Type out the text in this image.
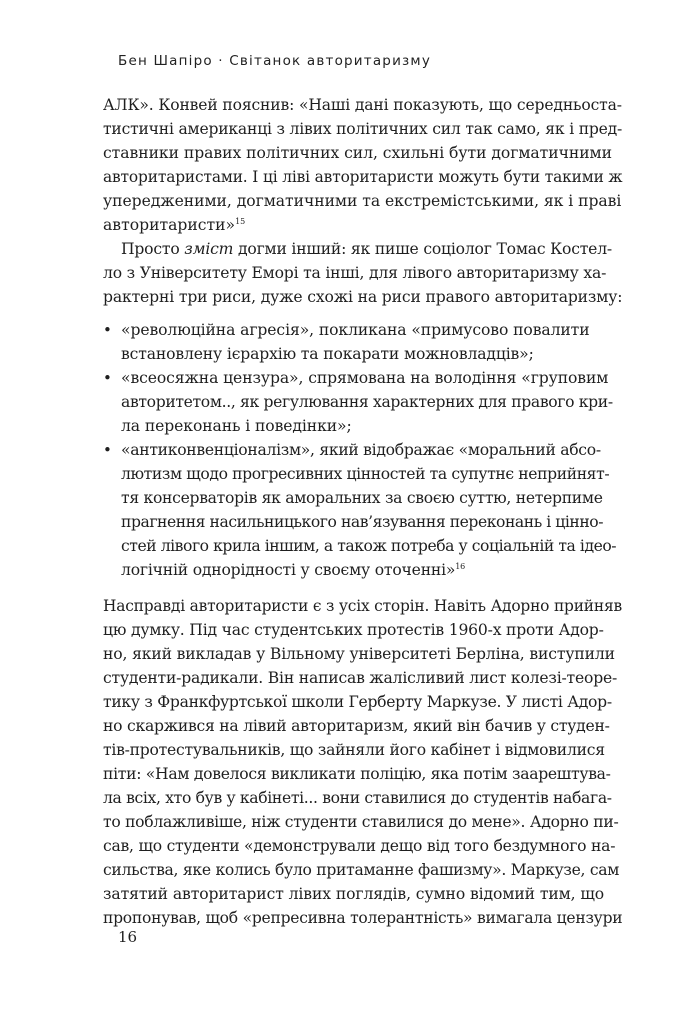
Бен Шапіро · Світанок авторитаризму
АЛК». Конвей пояснив: «Наші дані показують, що середньоста-
тистичні американці з лівих політичних сил так само, як і пред-
ставники правих політичних сил, схильні бути догматичними
авторитаристами. І ці ліві авторитаристи можуть бути такими ж
упередженими, догматичними та екстремістськими, як і праві
авторитаристи»$^{15}$
Просто зміст догми інший: як пише соціолог Томас Костел-
ло з Університету Еморі та інші, для лівого авторитаризму ха-
рактерні три риси, дуже схожі на риси правого авторитаризму:
• «революційна агресія», покликана «примусово повалити
встановлену ієрархію та покарати можновладців»;
• «всеосяжна цензура», спрямована на володіння «груповим
авторитетом.., як регулювання характерних для правого кри-
ла переконань і поведінки»;
• «антиконвенціоналізм», який відображає «моральний абсо-
лютизм щодо прогресивних цінностей та супутнє неприйнят-
тя консерваторів як аморальних за своєю суттю, нетерпиме
прагнення насильницького нав’язування переконань і цінно-
стей лівого крила іншим, а також потреба у соціальній та ідео-
логічній однорідності у своєму оточенні»$^{16}$
Насправді авторитаристи є з усіх сторін. Навіть Адорно прийняв
цю думку. Під час студентських протестів 1960-х проти Адор-
но, який викладав у Вільному університеті Берліна, виступили
студенти-радикали. Він написав жалісливий лист колезі-теоре-
тику з Франкфуртської школи Герберту Маркузе. У листі Адор-
но скаржився на лівий авторитаризм, який він бачив у студен-
тів-протестувальників, що зайняли його кабінет і відмовилися
піти: «Нам довелося викликати поліцію, яка потім заарештува-
ла всіх, хто був у кабінеті... вони ставилися до студентів набага-
то поблажливіше, ніж студенти ставилися до мене». Адорно пи-
сав, що студенти «демонстрували дещо від того бездумного на-
сильства, яке колись було притаманне фашизму». Маркузе, сам
затятий авторитарист лівих поглядів, сумно відомий тим, що
пропонував, щоб «репресивна толерантність» вимагала цензури
16
